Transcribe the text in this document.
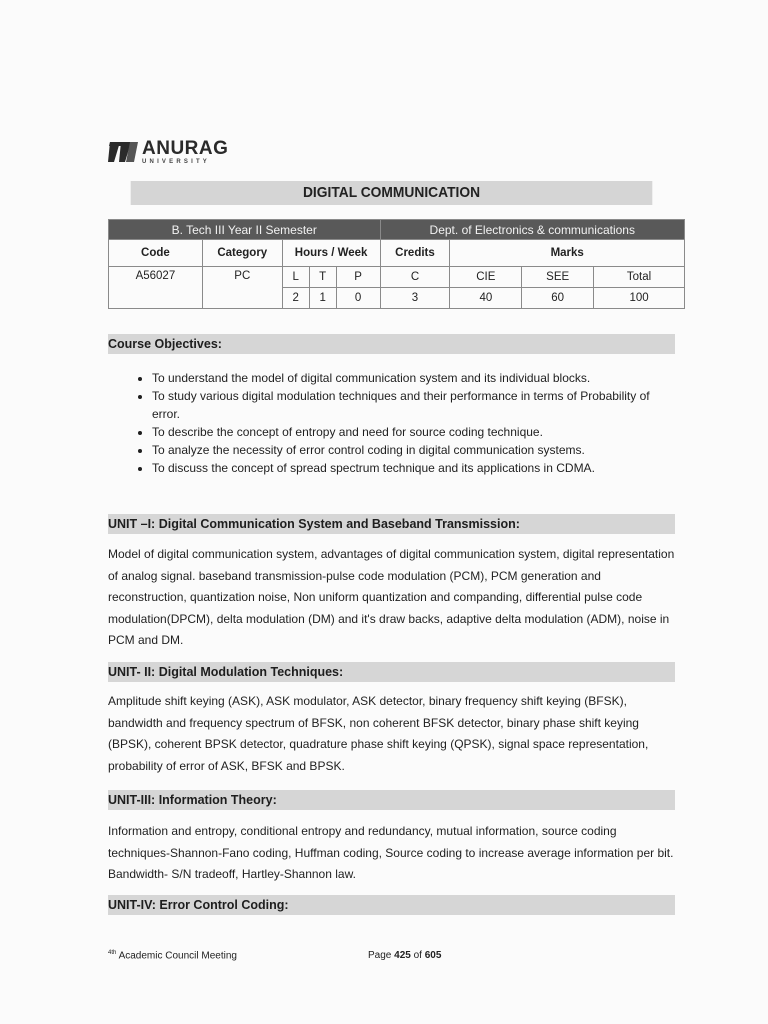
ANURAG
UNIVERSITY
DIGITAL COMMUNICATION
B. Tech III Year II Semester					Dept. of Electronics & communications			
Code	Category	Hours / Week			Credits	Marks		
A56027	PC	L	T	P	C	CIE	SEE	Total
		2	1	0	3	40	60	100
Course Objectives:
• To understand the model of digital communication system and its individual blocks.
• To study various digital modulation techniques and their performance in terms of Probability of error.
• To describe the concept of entropy and need for source coding technique.
• To analyze the necessity of error control coding in digital communication systems.
• To discuss the concept of spread spectrum technique and its applications in CDMA.
UNIT –I: Digital Communication System and Baseband Transmission:

Model of digital communication system, advantages of digital communication system, digital representation of analog signal. baseband transmission-pulse code modulation (PCM), PCM generation and reconstruction, quantization noise, Non uniform quantization and companding, differential pulse code modulation(DPCM), delta modulation (DM) and it's draw backs, adaptive delta modulation (ADM), noise in PCM and DM.

UNIT- II: Digital Modulation Techniques:

Amplitude shift keying (ASK), ASK modulator, ASK detector, binary frequency shift keying (BFSK), bandwidth and frequency spectrum of BFSK, non coherent BFSK detector, binary phase shift keying (BPSK), coherent BPSK detector, quadrature phase shift keying (QPSK), signal space representation, probability of error of ASK, BFSK and BPSK.

UNIT-III: Information Theory:

Information and entropy, conditional entropy and redundancy, mutual information, source coding techniques-Shannon-Fano coding, Huffman coding, Source coding to increase average information per bit. Bandwidth- S/N tradeoff, Hartley-Shannon law.

UNIT-IV: Error Control Coding:
$^{4th}$ Academic Council Meeting	Page 425 of 605
